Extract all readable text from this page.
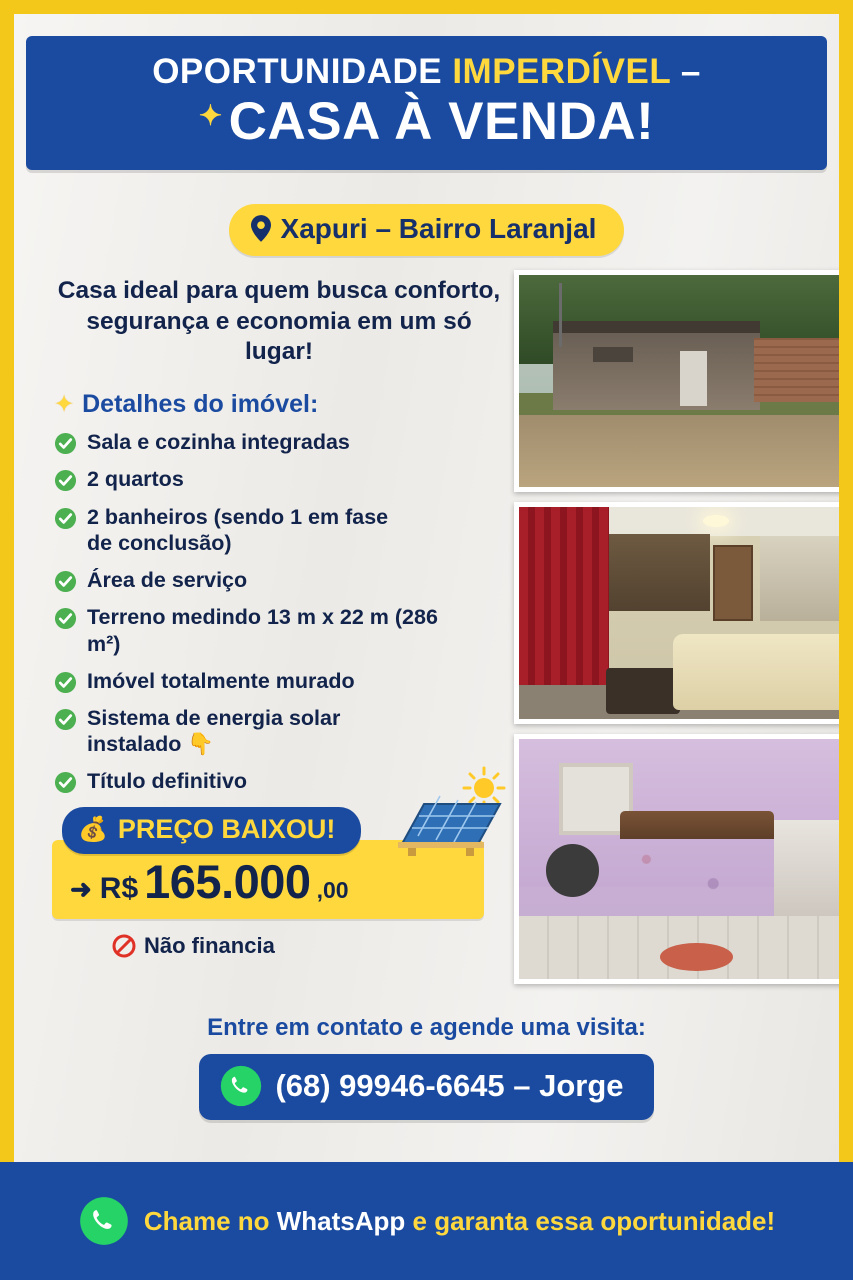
OPORTUNIDADE IMPERDÍVEL –
✦ CASA À VENDA!
Xapuri – Bairro Laranjal
Casa ideal para quem busca conforto, segurança e economia em um só lugar!
✦ Detalhes do imóvel:
Sala e cozinha integradas
2 quartos
2 banheiros (sendo 1 em fase de conclusão)
Área de serviço
Terreno medindo 13 m x 22 m (286 m²)
Imóvel totalmente murado
Sistema de energia solar instalado 👇
Título definitivo
💰 PREÇO BAIXOU!
➜ R$ 165.000 ,00
Não financia
Entre em contato e agende uma visita:
(68) 99946-6645 – Jorge
Chame no WhatsApp e garanta essa oportunidade!
